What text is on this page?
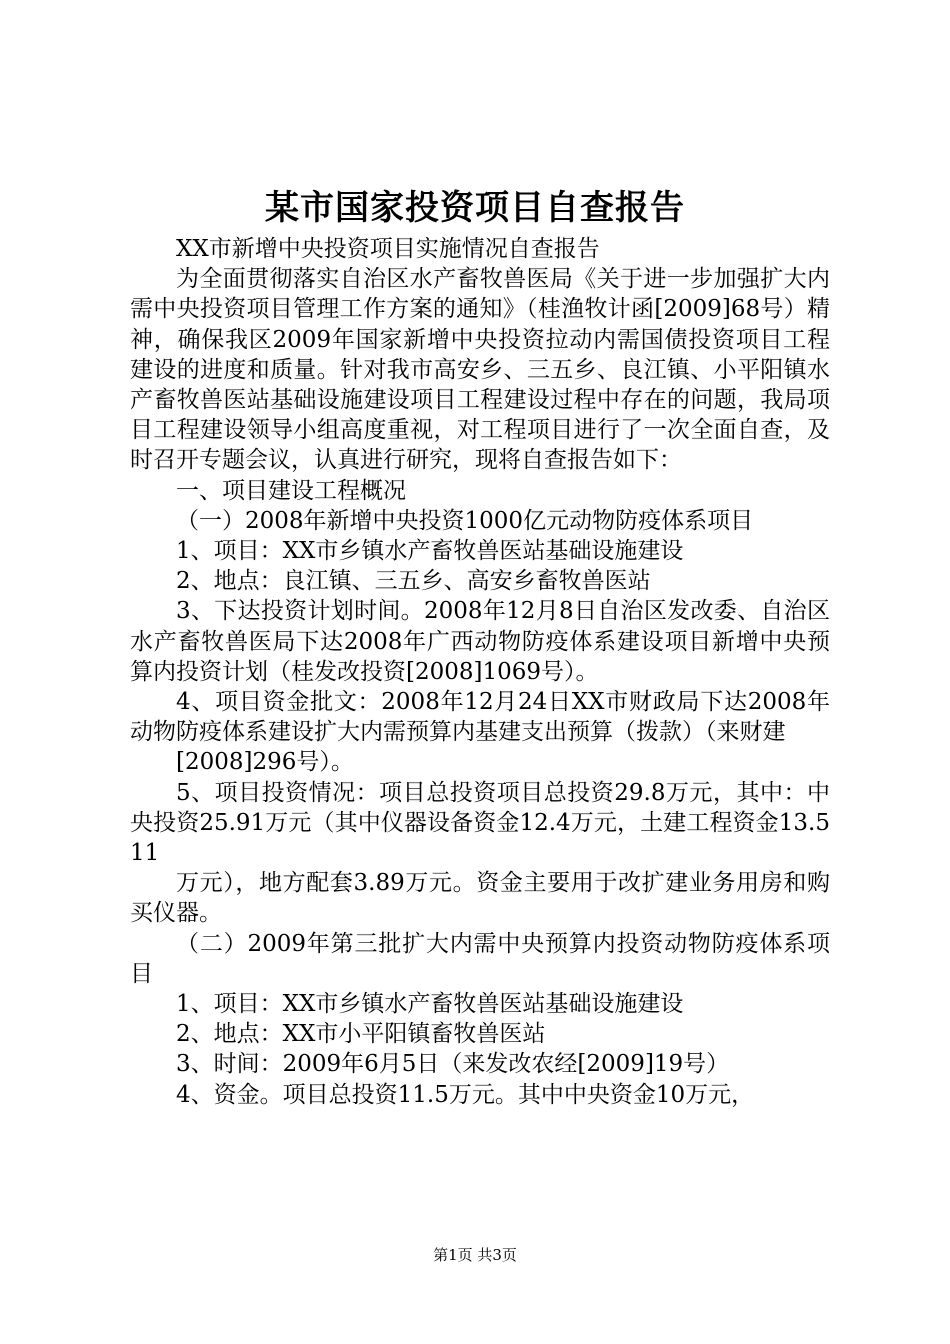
某市国家投资项目自查报告

XX市新增中央投资项目实施情况自查报告

为全面贯彻落实自治区水产畜牧兽医局《关于进一步加强扩大内需中央投资项目管理工作方案的通知》（桂渔牧计函[2009]68号）精神，确保我区2009年国家新增中央投资拉动内需国债投资项目工程建设的进度和质量。针对我市高安乡、三五乡、良江镇、小平阳镇水产畜牧兽医站基础设施建设项目工程建设过程中存在的问题，我局项目工程建设领导小组高度重视，对工程项目进行了一次全面自查，及时召开专题会议，认真进行研究，现将自查报告如下：

一、项目建设工程概况

（一）2008年新增中央投资1000亿元动物防疫体系项目

1、项目：XX市乡镇水产畜牧兽医站基础设施建设

2、地点：良江镇、三五乡、高安乡畜牧兽医站

3、下达投资计划时间。2008年12月8日自治区发改委、自治区水产畜牧兽医局下达2008年广西动物防疫体系建设项目新增中央预算内投资计划（桂发改投资[2008]1069号）。

4、项目资金批文：2008年12月24日XX市财政局下达2008年动物防疫体系建设扩大内需预算内基建支出预算（拨款）（来财建

[2008]296号）。

5、项目投资情况：项目总投资项目总投资29.8万元，其中：中央投资25.91万元（其中仪器设备资金12.4万元，土建工程资金13.511

万元），地方配套3.89万元。资金主要用于改扩建业务用房和购买仪器。

（二）2009年第三批扩大内需中央预算内投资动物防疫体系项目

1、项目：XX市乡镇水产畜牧兽医站基础设施建设

2、地点：XX市小平阳镇畜牧兽医站

3、时间：2009年6月5日（来发改农经[2009]19号）

4、资金。项目总投资11.5万元。其中中央资金10万元，

第1页 共3页
